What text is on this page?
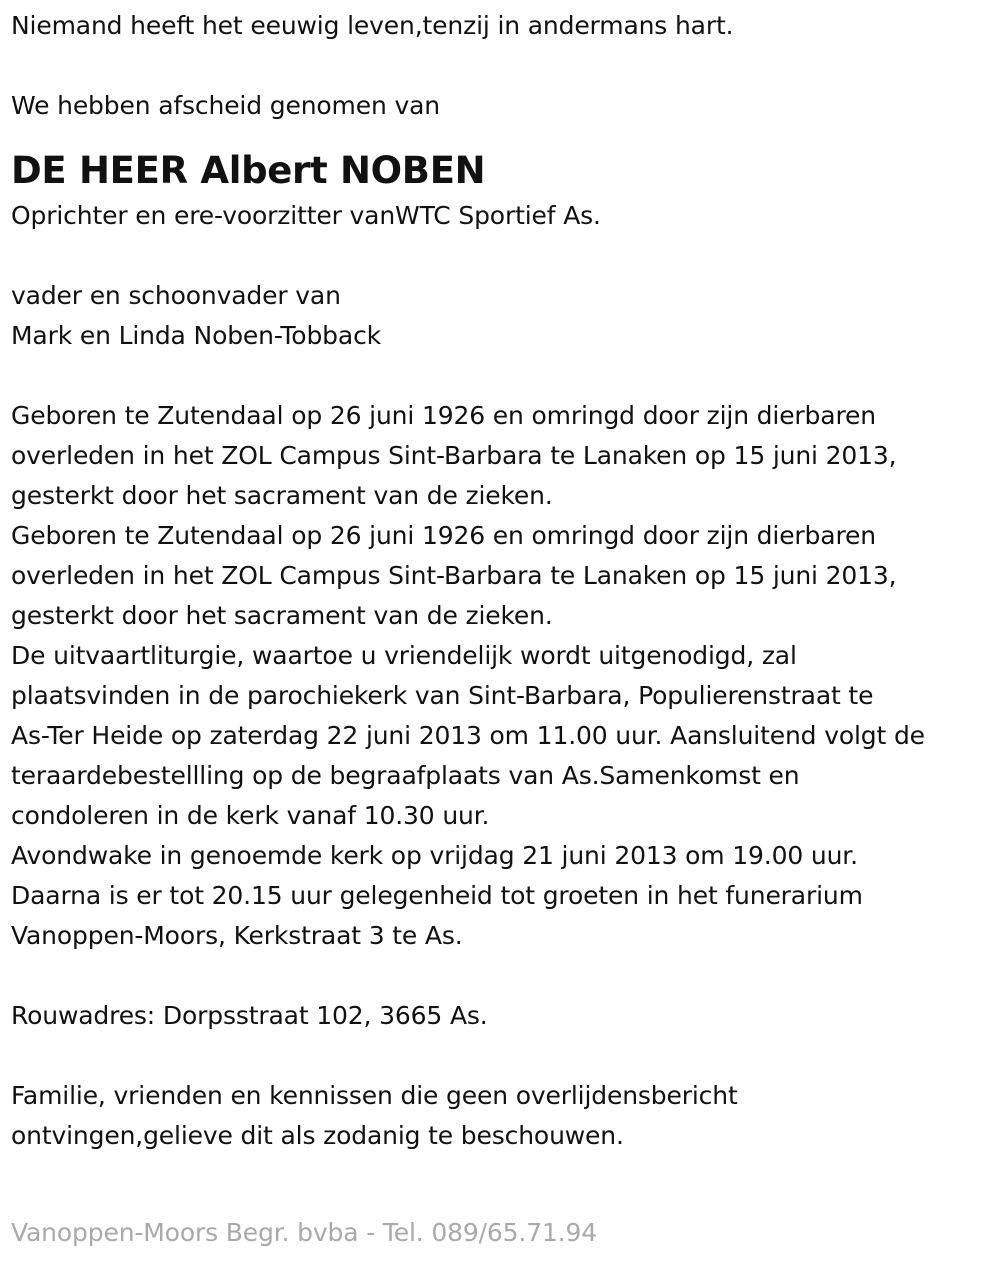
Niemand heeft het eeuwig leven,tenzij in andermans hart.
We hebben afscheid genomen van
DE HEER Albert NOBEN
Oprichter en ere-voorzitter vanWTC Sportief As.
vader en schoonvader van
Mark en Linda Noben-Tobback
Geboren te Zutendaal op 26 juni 1926 en omringd door zijn dierbaren
overleden in het ZOL Campus Sint-Barbara te Lanaken op 15 juni 2013,
gesterkt door het sacrament van de zieken.
Geboren te Zutendaal op 26 juni 1926 en omringd door zijn dierbaren
overleden in het ZOL Campus Sint-Barbara te Lanaken op 15 juni 2013,
gesterkt door het sacrament van de zieken.
De uitvaartliturgie, waartoe u vriendelijk wordt uitgenodigd, zal
plaatsvinden in de parochiekerk van Sint-Barbara, Populierenstraat te
As-Ter Heide op zaterdag 22 juni 2013 om 11.00 uur. Aansluitend volgt de
teraardebestellling op de begraafplaats van As.Samenkomst en
condoleren in de kerk vanaf 10.30 uur.
Avondwake in genoemde kerk op vrijdag 21 juni 2013 om 19.00 uur.
Daarna is er tot 20.15 uur gelegenheid tot groeten in het funerarium
Vanoppen-Moors, Kerkstraat 3 te As.
Rouwadres: Dorpsstraat 102, 3665 As.
Familie, vrienden en kennissen die geen overlijdensbericht
ontvingen,gelieve dit als zodanig te beschouwen.
Vanoppen-Moors Begr. bvba - Tel. 089/65.71.94
